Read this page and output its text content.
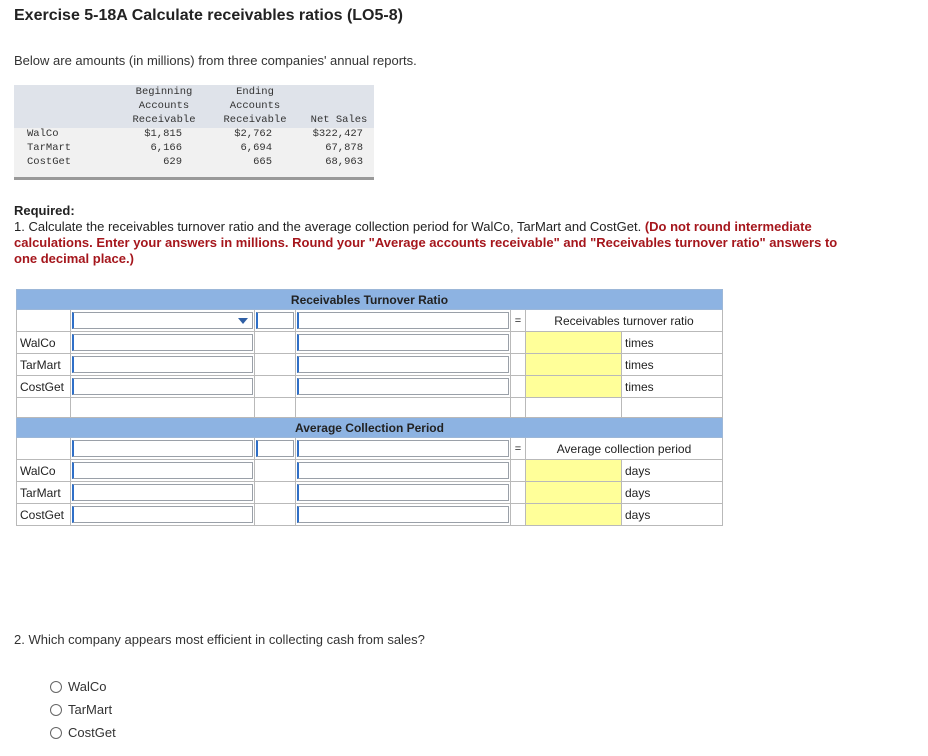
Exercise 5-18A Calculate receivables ratios (LO5-8)
Below are amounts (in millions) from three companies' annual reports.
Beginning
Accounts
Receivable
Ending
Accounts
Receivable	Net Sales
WalCo	$1,815	$2,762	$322,427
TarMart	6,166	6,694	67,878
CostGet	629	665	68,963
Required:
1. Calculate the receivables turnover ratio and the average collection period for WalCo, TarMart and CostGet. (Do not round intermediate calculations. Enter your answers in millions. Round your "Average accounts receivable" and "Receivables turnover ratio" answers to one decimal place.)
Receivables Turnover Ratio						

	=	Receivables turnover ratio	
WalCo						times
TarMart						times
CostGet						times

Average Collection Period						

	=	Average collection period	
WalCo						days
TarMart						days
CostGet						days
2. Which company appears most efficient in collecting cash from sales?
WalCo
TarMart
CostGet
